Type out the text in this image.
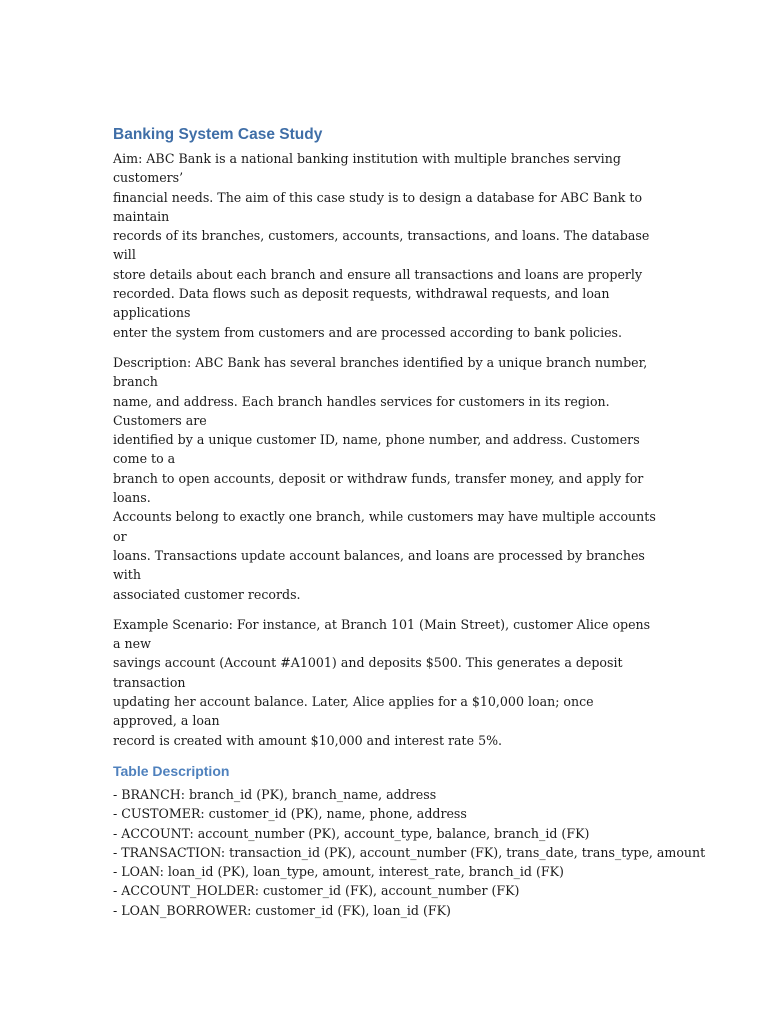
Banking System Case Study

Aim: ABC Bank is a national banking institution with multiple branches serving customers’
financial needs. The aim of this case study is to design a database for ABC Bank to maintain
records of its branches, customers, accounts, transactions, and loans. The database will
store details about each branch and ensure all transactions and loans are properly
recorded. Data flows such as deposit requests, withdrawal requests, and loan applications
enter the system from customers and are processed according to bank policies.

Description: ABC Bank has several branches identified by a unique branch number, branch
name, and address. Each branch handles services for customers in its region. Customers are
identified by a unique customer ID, name, phone number, and address. Customers come to a
branch to open accounts, deposit or withdraw funds, transfer money, and apply for loans.
Accounts belong to exactly one branch, while customers may have multiple accounts or
loans. Transactions update account balances, and loans are processed by branches with
associated customer records.

Example Scenario: For instance, at Branch 101 (Main Street), customer Alice opens a new
savings account (Account #A1001) and deposits $500. This generates a deposit transaction
updating her account balance. Later, Alice applies for a $10,000 loan; once approved, a loan
record is created with amount $10,000 and interest rate 5%.

Table Description
- BRANCH: branch_id (PK), branch_name, address
- CUSTOMER: customer_id (PK), name, phone, address
- ACCOUNT: account_number (PK), account_type, balance, branch_id (FK)
- TRANSACTION: transaction_id (PK), account_number (FK), trans_date, trans_type, amount
- LOAN: loan_id (PK), loan_type, amount, interest_rate, branch_id (FK)
- ACCOUNT_HOLDER: customer_id (FK), account_number (FK)
- LOAN_BORROWER: customer_id (FK), loan_id (FK)
